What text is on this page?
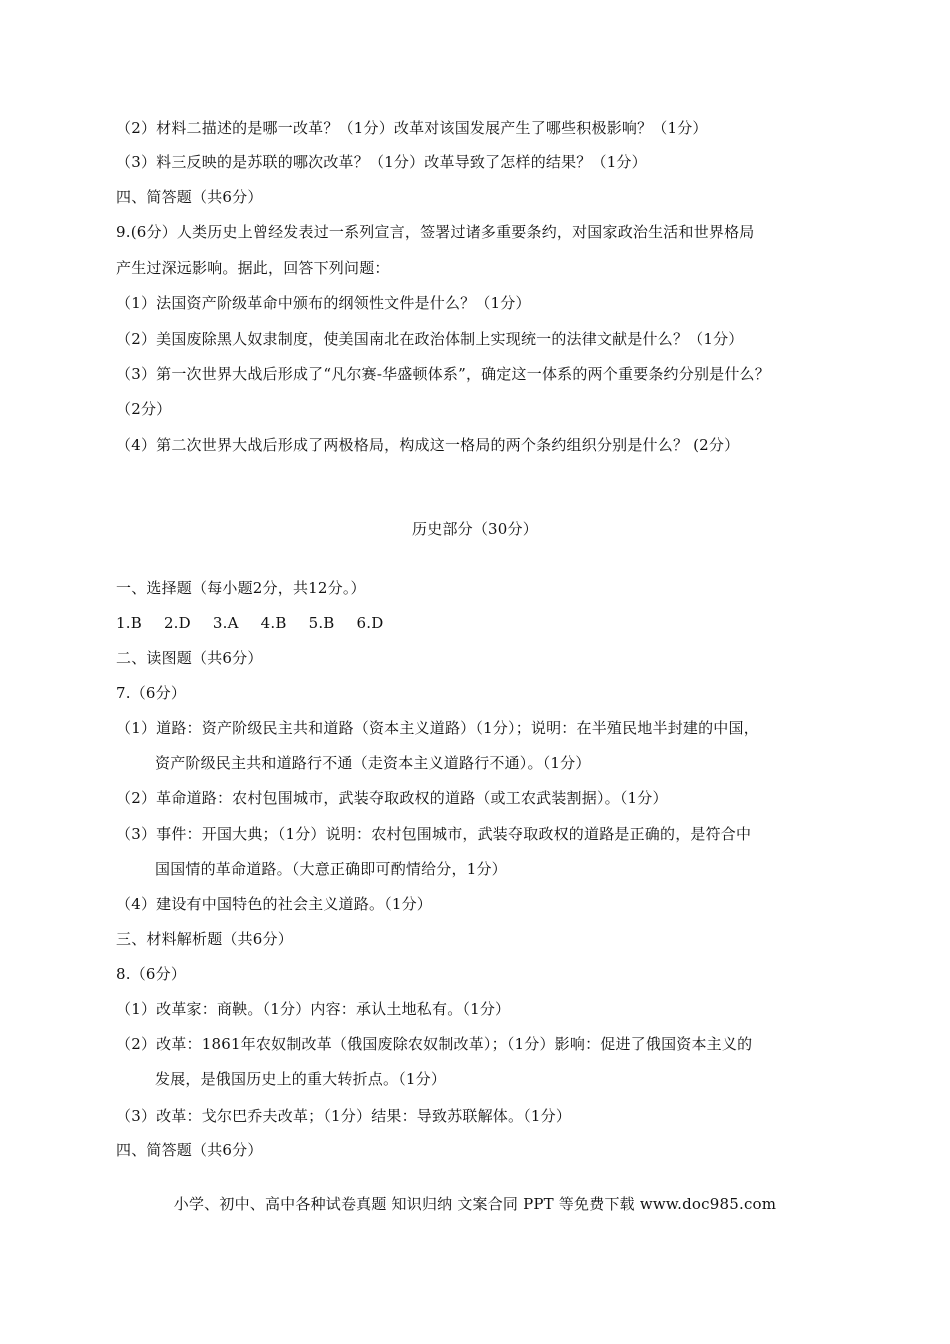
（2）材料二描述的是哪一改革？（1分）改革对该国发展产生了哪些积极影响？（1分）
（3）料三反映的是苏联的哪次改革？（1分）改革导致了怎样的结果？（1分）
四、简答题（共6分）
9.(6分）人类历史上曾经发表过一系列宣言，签署过诸多重要条约，对国家政治生活和世界格局
产生过深远影响。据此，回答下列问题：
（1）法国资产阶级革命中颁布的纲领性文件是什么？（1分）
（2）美国废除黑人奴隶制度，使美国南北在政治体制上实现统一的法律文献是什么？（1分）
（3）第一次世界大战后形成了“凡尔赛-华盛顿体系”，确定这一体系的两个重要条约分别是什么？
（2分）
（4）第二次世界大战后形成了两极格局，构成这一格局的两个条约组织分别是什么？ (2分）
历史部分（30分）
一、选择题（每小题2分，共12分。）
1.B 2.D 3.A 4.B 5.B 6.D
二、读图题（共6分）
7.（6分）
（1）道路：资产阶级民主共和道路（资本主义道路）（1分）；说明：在半殖民地半封建的中国，
资产阶级民主共和道路行不通（走资本主义道路行不通）。（1分）
（2）革命道路：农村包围城市，武装夺取政权的道路（或工农武装割据）。（1分）
（3）事件：开国大典；（1分）说明：农村包围城市，武装夺取政权的道路是正确的，是符合中
国国情的革命道路。（大意正确即可酌情给分，1分）
（4）建设有中国特色的社会主义道路。（1分）
三、材料解析题（共6分）
8.（6分）
（1）改革家：商鞅。（1分）内容：承认土地私有。（1分）
（2）改革：1861年农奴制改革（俄国废除农奴制改革）；（1分）影响：促进了俄国资本主义的
发展，是俄国历史上的重大转折点。（1分）
（3）改革：戈尔巴乔夫改革；（1分）结果：导致苏联解体。（1分）
四、简答题（共6分）
小学、初中、高中各种试卷真题 知识归纳 文案合同 PPT 等免费下载 www.doc985.com
